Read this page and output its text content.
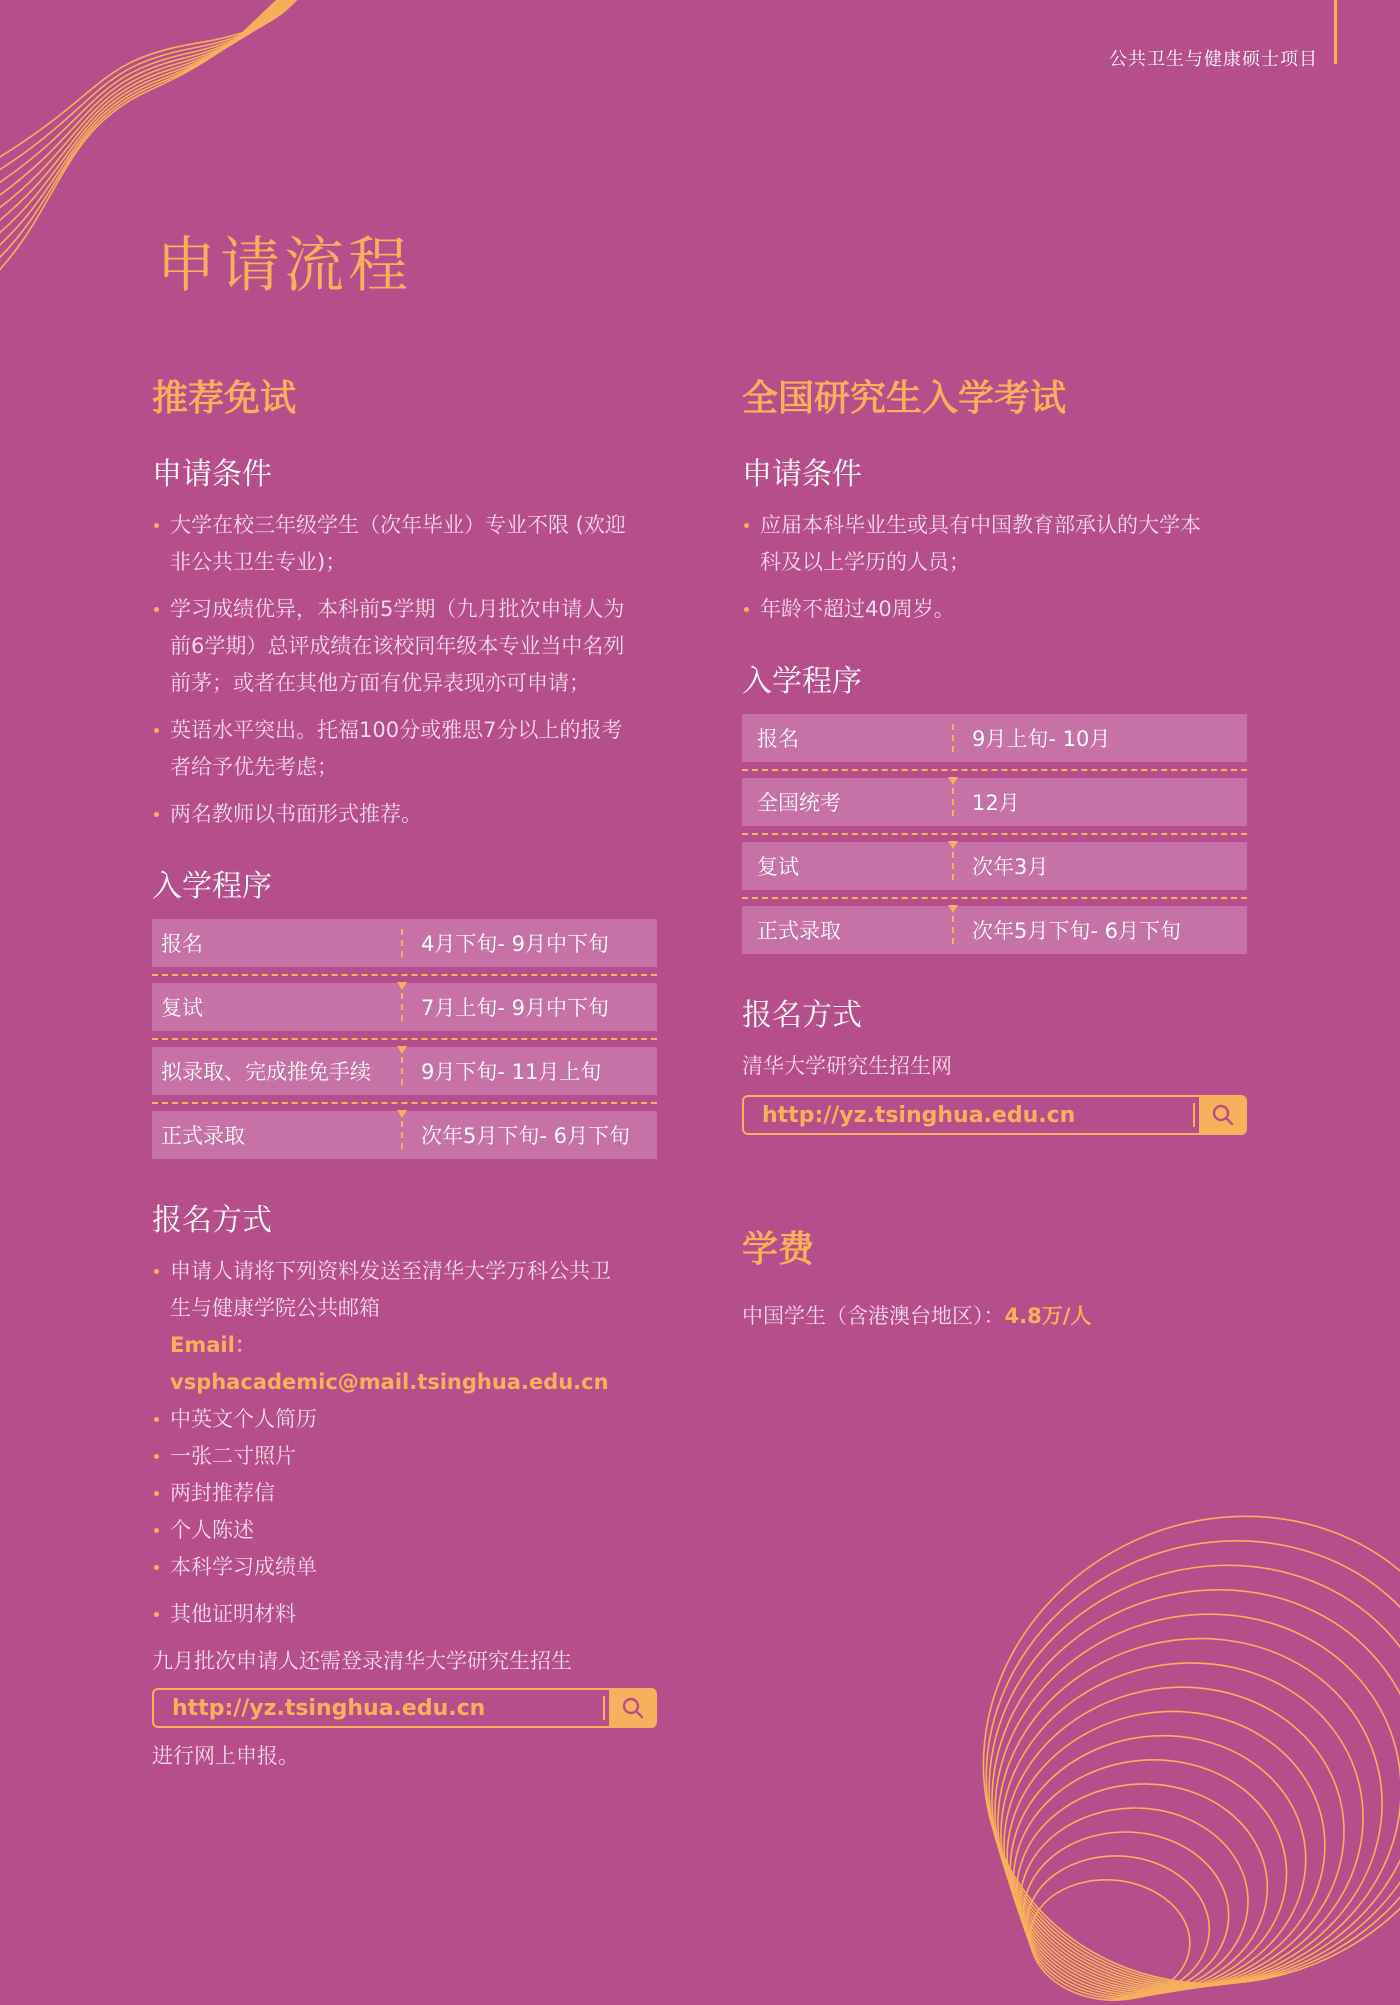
公共卫生与健康硕士项目
申请流程
推荐免试
申请条件
大学在校三年级学生（次年毕业）专业不限 (欢迎
非公共卫生专业)；
学习成绩优异，本科前5学期（九月批次申请人为
前6学期）总评成绩在该校同年级本专业当中名列
前茅；或者在其他方面有优异表现亦可申请；
英语水平突出。托福100分或雅思7分以上的报考
者给予优先考虑；
两名教师以书面形式推荐。
入学程序
报名	4月下旬- 9月中下旬
复试	7月上旬- 9月中下旬
拟录取、完成推免手续	9月下旬- 11月上旬
正式录取	次年5月下旬- 6月下旬
报名方式
申请人请将下列资料发送至清华大学万科公共卫
生与健康学院公共邮箱
Email：vsphacademic@mail.tsinghua.edu.cn
中英文个人简历
一张二寸照片
两封推荐信
个人陈述
本科学习成绩单
其他证明材料
九月批次申请人还需登录清华大学研究生招生
http://yz.tsinghua.edu.cn
进行网上申报。
全国研究生入学考试
申请条件
应届本科毕业生或具有中国教育部承认的大学本
科及以上学历的人员；
年龄不超过40周岁。
入学程序
报名	9月上旬- 10月
全国统考	12月
复试	次年3月
正式录取	次年5月下旬- 6月下旬
报名方式
清华大学研究生招生网
http://yz.tsinghua.edu.cn
学费
中国学生（含港澳台地区）：4.8万/人
